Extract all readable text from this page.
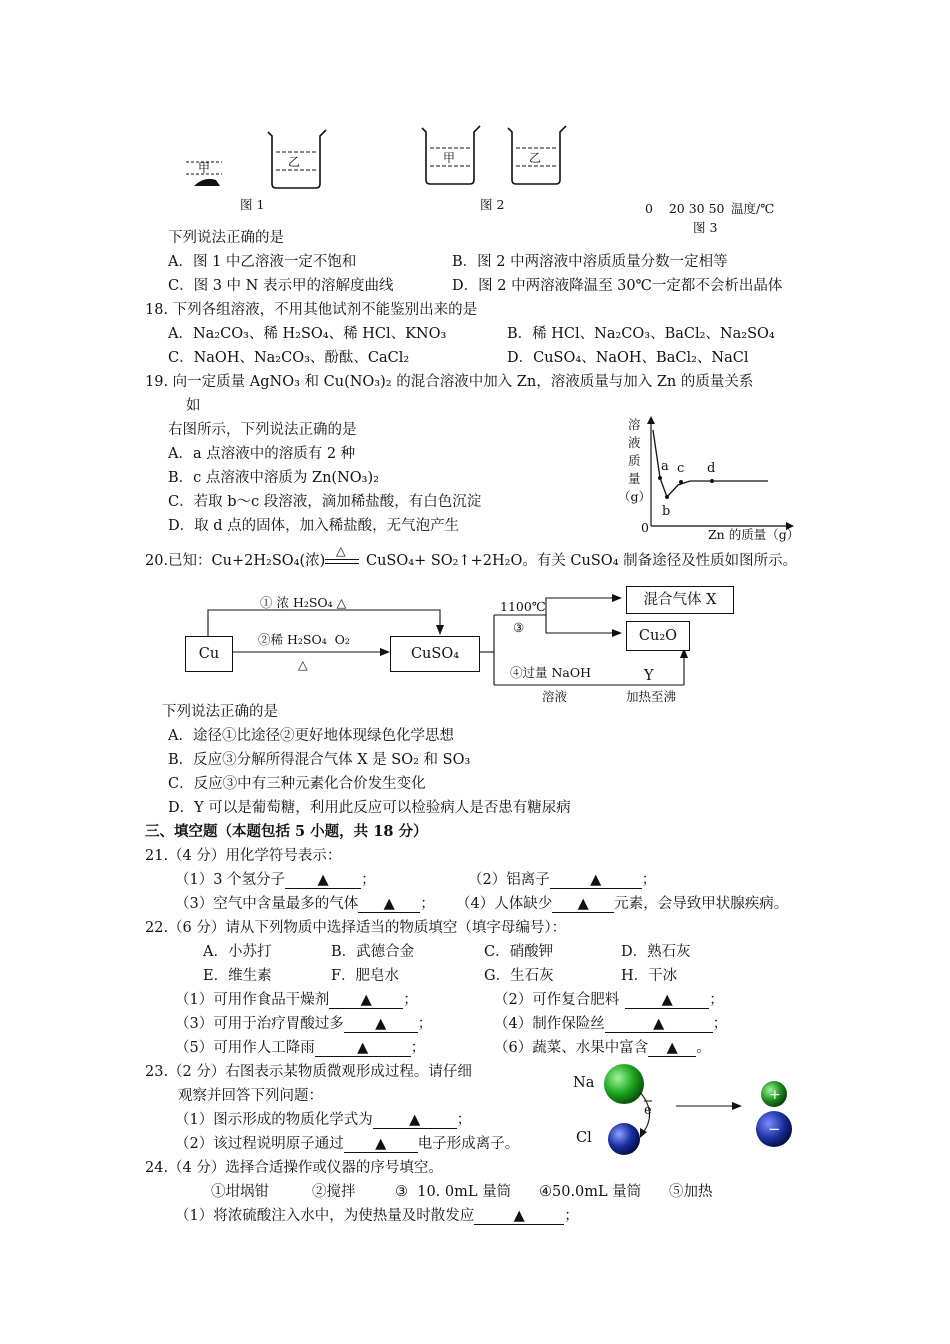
甲	乙
图 1
甲	乙
图 2	0    20 30 50 温度/℃
图 3
下列说法正确的是
A．图 1 中乙溶液一定不饱和	B．图 2 中两溶液中溶质质量分数一定相等
C．图 3 中 N 表示甲的溶解度曲线	D．图 2 中两溶液降温至 30℃一定都不会析出晶体
18. 下列各组溶液，不用其他试剂不能鉴别出来的是
A．Na₂CO₃、稀 H₂SO₄、稀 HCl、KNO₃	B．稀 HCl、Na₂CO₃、BaCl₂、Na₂SO₄
C．NaOH、Na₂CO₃、酚酞、CaCl₂	D．CuSO₄、NaOH、BaCl₂、NaCl
19. 向一定质量 AgNO₃ 和 Cu(NO₃)₂ 的混合溶液中加入 Zn，溶液质量与加入 Zn 的质量关系
如
右图所示，下列说法正确的是
A．a 点溶液中的溶质有 2 种
B．c 点溶液中溶质为 Zn(NO₃)₂
C．若取 b～c 段溶液，滴加稀盐酸，有白色沉淀
D．取 d 点的固体，加入稀盐酸，无气泡产生
溶
液
质
量
（g）
a
b
c d
0	Zn 的质量（g）
20.已知：Cu+2H₂SO₄(浓)
△
CuSO₄+ SO₂↑+2H₂O。有关 CuSO₄ 制备途径及性质如图所示。
Cu	CuSO₄
混合气体 X
Cu₂O
① 浓 H₂SO₄ △
②稀 H₂SO₄  O₂
△
1100℃
③
④过量 NaOH
溶液
Y
加热至沸
下列说法正确的是
A．途径①比途径②更好地体现绿色化学思想
B．反应③分解所得混合气体 X 是 SO₂ 和 SO₃
C．反应③中有三种元素化合价发生变化
D．Y 可以是葡萄糖，利用此反应可以检验病人是否患有糖尿病
三、填空题（本题包括 5 小题，共 18 分）
21.（4 分）用化学符号表示：
（1）3 个氢分子 ▲ ；	（2）铝离子	▲	；
（3）空气中含量最多的气体 ▲ ； （4）人体缺少 ▲ 元素，会导致甲状腺疾病。
22.（6 分）请从下列物质中选择适当的物质填空（填字母编号）：
A．小苏打	B．武德合金	C．硝酸钾	D．熟石灰
E．维生素	F．肥皂水	G．生石灰	H．干冰
（1）可用作食品干燥剂 ▲ ；	（2）可作复合肥料	▲	；
（3）可用于治疗胃酸过多 ▲ ；	（4）制作保险丝	▲	；
（5）可用作人工降雨	▲	；	（6）蔬菜、水果中富含 ▲ 。
23.（2 分）右图表示某物质微观形成过程。请仔细
观察并回答下列问题：
（1）图示形成的物质化学式为	▲	；
（2）该过程说明原子通过 ▲ 电子形成离子。
Na
Cl
e
+
−
24.（4 分）选择合适操作或仪器的序号填空。
①坩埚钳	②搅拌	③  10. 0mL 量筒 ④50.0mL 量筒 ⑤加热
（1）将浓硫酸注入水中，为使热量及时散发应	▲	；
